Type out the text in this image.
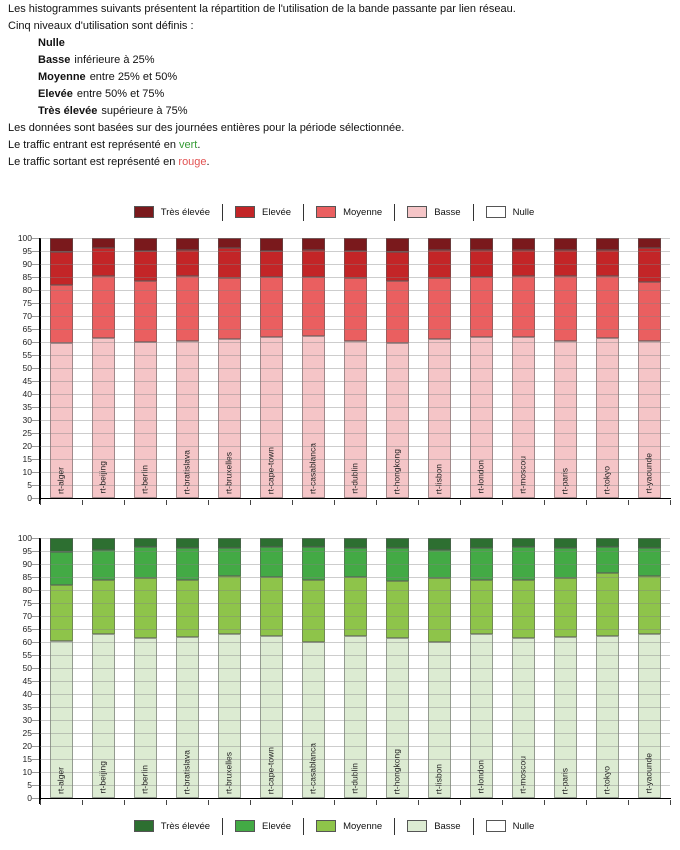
Les histogrammes suivants présentent la répartition de l'utilisation de la bande passante par lien réseau.

Cinq niveaux d'utilisation sont définis :

Nulle

Basse inférieure à 25%

Moyenne entre 25% et 50%

Elevée entre 50% et 75%

Très élevée supérieure à 75%

Les données sont basées sur des journées entières pour la période sélectionnée.

Le traffic entrant est représenté en vert.

Le traffic sortant est représenté en rouge.

Très élevée	Elevée	Moyenne	Basse	Nulle
rt-alger	rt-beijing	rt-berlin	rt-bratislava	rt-bruxelles	rt-cape-town	rt-casablanca	rt-dublin	rt-hongkong	rt-lisbon	rt-london	rt-moscou	rt-paris	rt-tokyo	rt-yaounde
100
95
90
85
80
75
70
65
60
55
50
45
40
35
30
25
20
15
10
5
0
rt-alger	rt-beijing	rt-berlin	rt-bratislava	rt-bruxelles	rt-cape-town	rt-casablanca	rt-dublin	rt-hongkong	rt-lisbon	rt-london	rt-moscou	rt-paris	rt-tokyo	rt-yaounde
100
95
90
85
80
75
70
65
60
55
50
45
40
35
30
25
20
15
10
5
0
Très élevée	Elevée	Moyenne	Basse	Nulle
